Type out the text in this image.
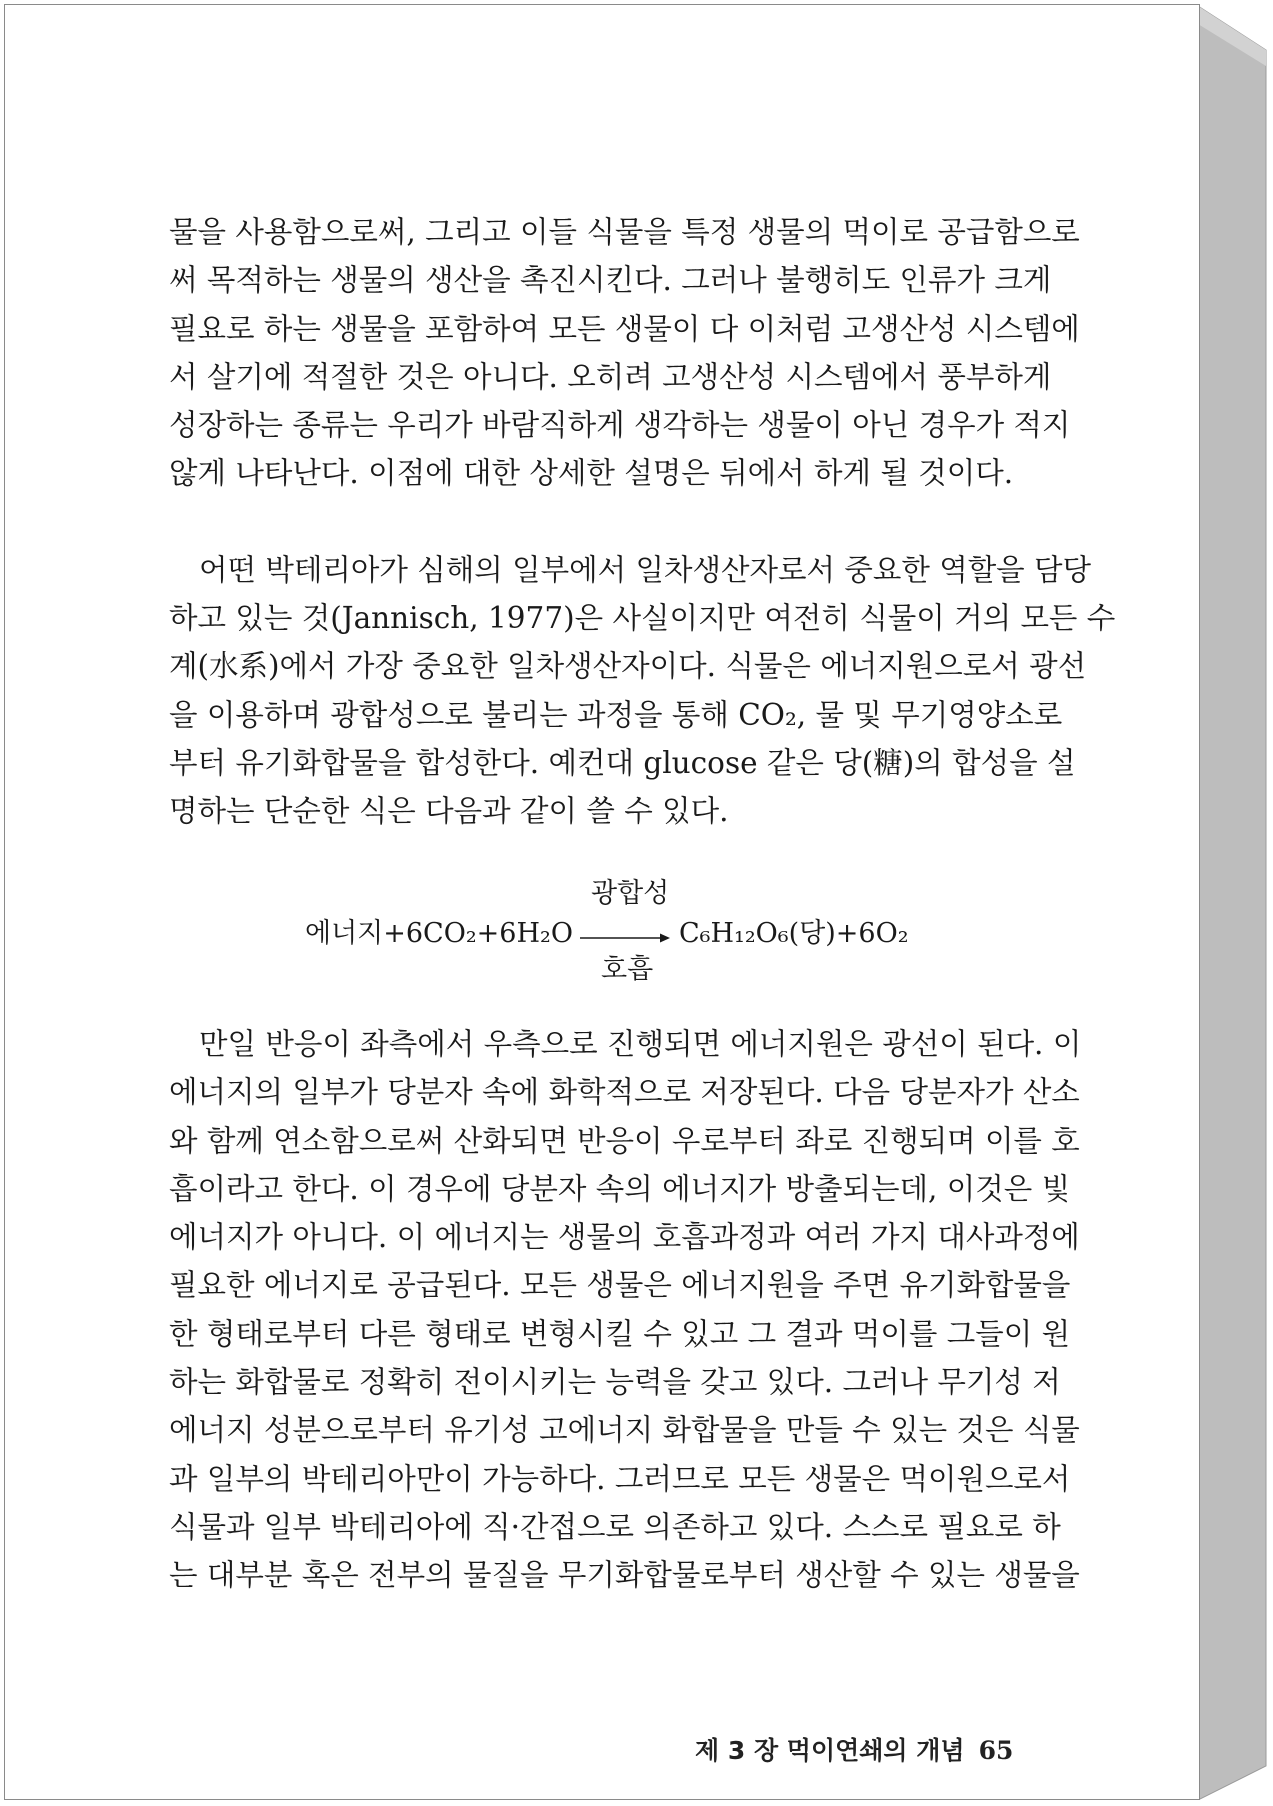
물을 사용함으로써, 그리고 이들 식물을 특정 생물의 먹이로 공급함으로
써 목적하는 생물의 생산을 촉진시킨다. 그러나 불행히도 인류가 크게
필요로 하는 생물을 포함하여 모든 생물이 다 이처럼 고생산성 시스템에
서 살기에 적절한 것은 아니다. 오히려 고생산성 시스템에서 풍부하게
성장하는 종류는 우리가 바람직하게 생각하는 생물이 아닌 경우가 적지
않게 나타난다. 이점에 대한 상세한 설명은 뒤에서 하게 될 것이다.
어떤 박테리아가 심해의 일부에서 일차생산자로서 중요한 역할을 담당
하고 있는 것(Jannisch, 1977)은 사실이지만 여전히 식물이 거의 모든 수
계(水系)에서 가장 중요한 일차생산자이다. 식물은 에너지원으로서 광선
을 이용하며 광합성으로 불리는 과정을 통해 CO₂, 물 및 무기영양소로
부터 유기화합물을 합성한다. 예컨대 glucose 같은 당(糖)의 합성을 설
명하는 단순한 식은 다음과 같이 쓸 수 있다.
광합성
에너지+6CO₂+6H₂O → C₆H₁₂O₆(당)+6O₂
호흡
만일 반응이 좌측에서 우측으로 진행되면 에너지원은 광선이 된다. 이
에너지의 일부가 당분자 속에 화학적으로 저장된다. 다음 당분자가 산소
와 함께 연소함으로써 산화되면 반응이 우로부터 좌로 진행되며 이를 호
흡이라고 한다. 이 경우에 당분자 속의 에너지가 방출되는데, 이것은 빛
에너지가 아니다. 이 에너지는 생물의 호흡과정과 여러 가지 대사과정에
필요한 에너지로 공급된다. 모든 생물은 에너지원을 주면 유기화합물을
한 형태로부터 다른 형태로 변형시킬 수 있고 그 결과 먹이를 그들이 원
하는 화합물로 정확히 전이시키는 능력을 갖고 있다. 그러나 무기성 저
에너지 성분으로부터 유기성 고에너지 화합물을 만들 수 있는 것은 식물
과 일부의 박테리아만이 가능하다. 그러므로 모든 생물은 먹이원으로서
식물과 일부 박테리아에 직·간접으로 의존하고 있다. 스스로 필요로 하
는 대부분 혹은 전부의 물질을 무기화합물로부터 생산할 수 있는 생물을
제 3 장 먹이연쇄의 개념 65
